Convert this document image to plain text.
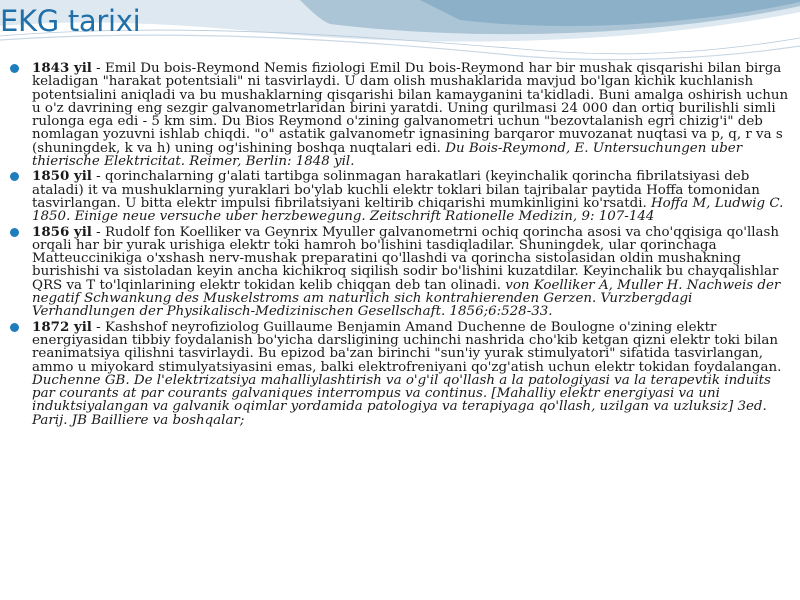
EKG tarixi
1843 yil - Emil Du bois-Reymond Nemis fiziologi Emil Du bois-Reymond har bir mushak qisqarishi bilan birga keladigan "harakat potentsiali" ni tasvirlaydi. U dam olish mushaklarida mavjud bo'lgan kichik kuchlanish potentsialini aniqladi va bu mushaklarning qisqarishi bilan kamayganini ta'kidladi. Buni amalga oshirish uchun u o'z davrining eng sezgir galvanometrlaridan birini yaratdi. Uning qurilmasi 24 000 dan ortiq burilishli simli rulonga ega edi - 5 km sim. Du Bios Reymond o'zining galvanometri uchun "bezovtalanish egri chizig'i" deb nomlagan yozuvni ishlab chiqdi. "o" astatik galvanometr ignasining barqaror muvozanat nuqtasi va p, q, r va s (shuningdek, k va h) uning og'ishining boshqa nuqtalari edi. Du Bois-Reymond, E. Untersuchungen uber thierische Elektricitat. Reimer, Berlin: 1848 yil.
1850 yil - qorinchalarning g'alati tartibga solinmagan harakatlari (keyinchalik qorincha fibrilatsiyasi deb ataladi) it va mushuklarning yuraklari bo'ylab kuchli elektr toklari bilan tajribalar paytida Hoffa tomonidan tasvirlangan. U bitta elektr impulsi fibrilatsiyani keltirib chiqarishi mumkinligini ko'rsatdi. Hoffa M, Ludwig C. 1850. Einige neue versuche uber herzbewegung. Zeitschrift Rationelle Medizin, 9: 107-144
1856 yil - Rudolf fon Koelliker va Geynrix Myuller galvanometrni ochiq qorincha asosi va cho'qqisiga qo'llash orqali har bir yurak urishiga elektr toki hamroh bo'lishini tasdiqladilar. Shuningdek, ular qorinchaga Matteuccinikiga o'xshash nerv-mushak preparatini qo'llashdi va qorincha sistolasidan oldin mushakning burishishi va sistoladan keyin ancha kichikroq siqilish sodir bo'lishini kuzatdilar. Keyinchalik bu chayqalishlar QRS va T to'lqinlarining elektr tokidan kelib chiqqan deb tan olinadi. von Koelliker A, Muller H. Nachweis der negatif Schwankung des Muskelstroms am naturlich sich kontrahierenden Gerzen. Vurzbergdagi Verhandlungen der Physikalisch-Medizinischen Gesellschaft. 1856;6:528-33.
1872 yil - Kashshof neyrofiziolog Guillaume Benjamin Amand Duchenne de Boulogne o'zining elektr energiyasidan tibbiy foydalanish bo'yicha darsligining uchinchi nashrida cho'kib ketgan qizni elektr toki bilan reanimatsiya qilishni tasvirlaydi. Bu epizod ba'zan birinchi "sun'iy yurak stimulyatori" sifatida tasvirlangan, ammo u miyokard stimulyatsiyasini emas, balki elektrofreniyani qo'zg'atish uchun elektr tokidan foydalangan. Duchenne GB. De l'elektrizatsiya mahalliylashtirish va o'g'il qo'llash a la patologiyasi va la terapevtik induits par courants at par courants galvaniques interrompus va continus. [Mahalliy elektr energiyasi va uni induktsiyalangan va galvanik oqimlar yordamida patologiya va terapiyaga qo'llash, uzilgan va uzluksiz] 3ed. Parij. JB Bailliere va boshqalar;
